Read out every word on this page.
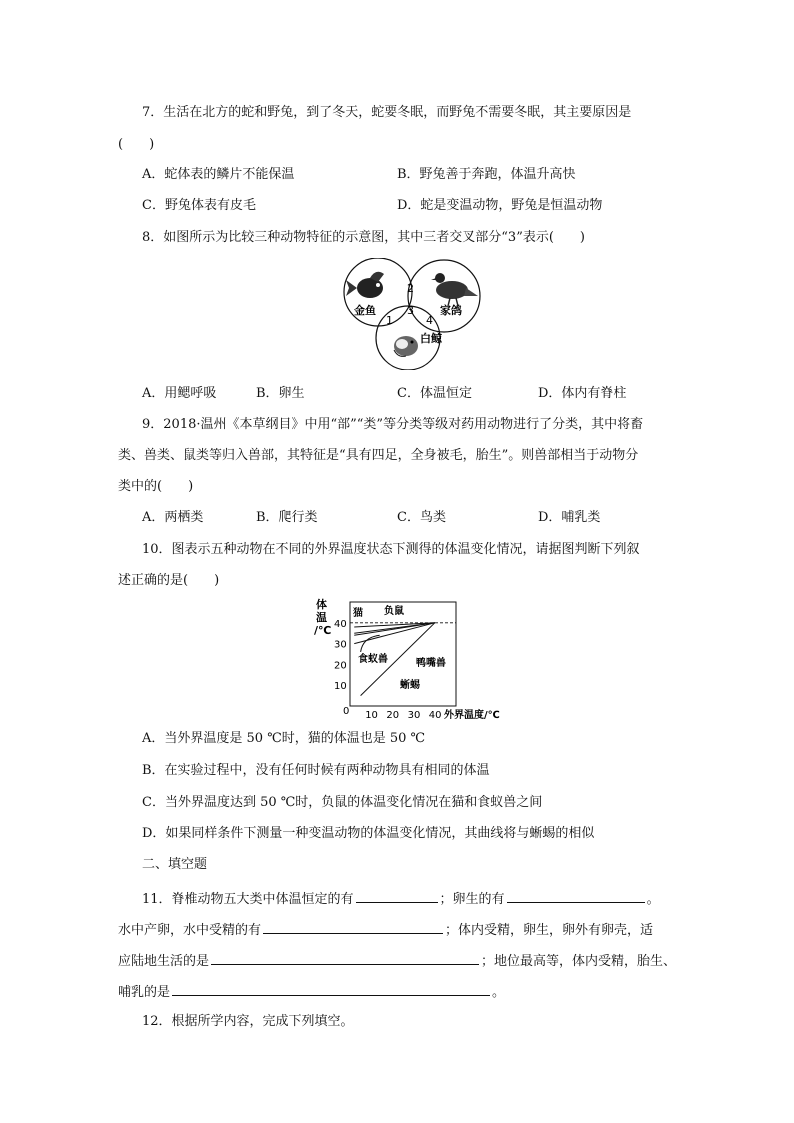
7．生活在北方的蛇和野兔，到了冬天，蛇要冬眠，而野兔不需要冬眠，其主要原因是
(　　)
A．蛇体表的鳞片不能保温	B．野兔善于奔跑，体温升高快
C．野兔体表有皮毛	D．蛇是变温动物，野兔是恒温动物
8．如图所示为比较三种动物特征的示意图，其中三者交叉部分“3”表示(　　)
金鱼	家鸽
白鲸
1
2
3
4
A．用鳃呼吸	B．卵生	C．体温恒定	D．体内有脊柱
9．2018·温州《本草纲目》中用“部”“类”等分类等级对药用动物进行了分类，其中将畜
类、兽类、鼠类等归入兽部，其特征是“具有四足，全身被毛，胎生”。则兽部相当于动物分
类中的(　　)
A．两栖类	B．爬行类	C．鸟类	D．哺乳类
10．图表示五种动物在不同的外界温度状态下测得的体温变化情况，请据图判断下列叙
述正确的是(　　)
猫 负鼠
食蚁兽	鸭嘴兽
蜥蜴
10 20 30 40
10
20
30
40
体
温
/℃
外界温度/℃
0
A．当外界温度是 50 ℃时，猫的体温也是 50 ℃
B．在实验过程中，没有任何时候有两种动物具有相同的体温
C．当外界温度达到 50 ℃时，负鼠的体温变化情况在猫和食蚁兽之间
D．如果同样条件下测量一种变温动物的体温变化情况，其曲线将与蜥蜴的相似
二、填空题
11．脊椎动物五大类中体温恒定的有	；卵生的有	。
水中产卵，水中受精的有	；体内受精，卵生，卵外有卵壳，适
应陆地生活的是	；地位最高等，体内受精，胎生、
哺乳的是	。
12．根据所学内容，完成下列填空。
